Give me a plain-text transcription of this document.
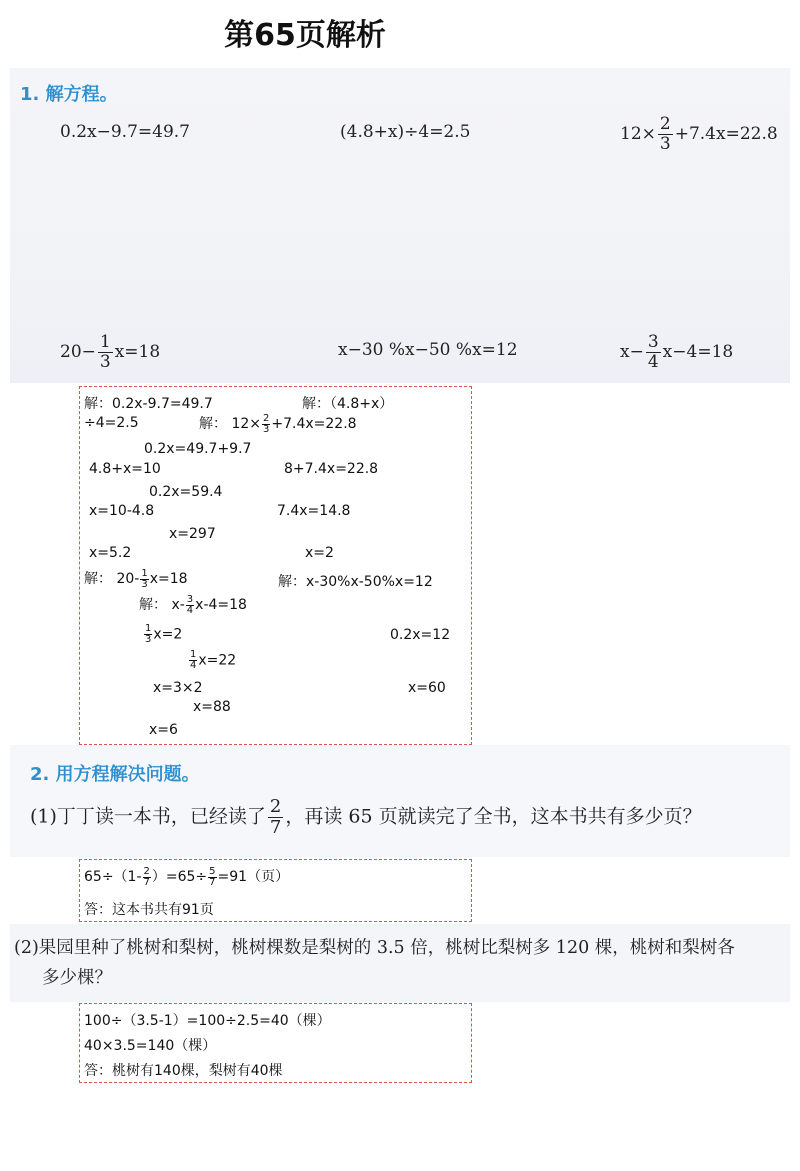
第65页解析
1. 解方程。
0.2x−9.7=49.7	(4.8+x)÷4=2.5	$12\times \frac{2}{3} +7.4x=22.8$

$20- \frac{1}{3} x=18$	x−30 %x−50 %x=12	$x- \frac{3}{4} x-4=18$
解：0.2x-9.7=49.7	解：（4.8+x）
÷4=2.5	解： $12\times \frac{2}{3} +7.4x=22.8$
0.2x=49.7+9.7
4.8+x=10	8+7.4x=22.8
0.2x=59.4
x=10-4.8	7.4x=14.8
x=297
x=5.2	x=2
解： $20- \frac{1}{3} x=18$	解：x-30%x-50%x=12
解： $x- \frac{3}{4} x-4=18$
$\frac{1}{3} x=2$	0.2x=12
$\frac{1}{4} x=22$
x=3×2	x=60
x=88
x=6
2. 用方程解决问题。
(1)丁丁读一本书，已经读了 $\frac{2}{7}$ ，再读 65 页就读完了全书，这本书共有多少页？
$65\div(1- \frac{2}{7} )=65\div \frac{5}{7} =91$（页）
答：这本书共有91页
(2)果园里种了桃树和梨树，桃树棵数是梨树的 3.5 倍，桃树比梨树多 120 棵，桃树和梨树各
多少棵？
100÷（3.5-1）=100÷2.5=40（棵）
40×3.5=140（棵）
答：桃树有140棵，梨树有40棵
